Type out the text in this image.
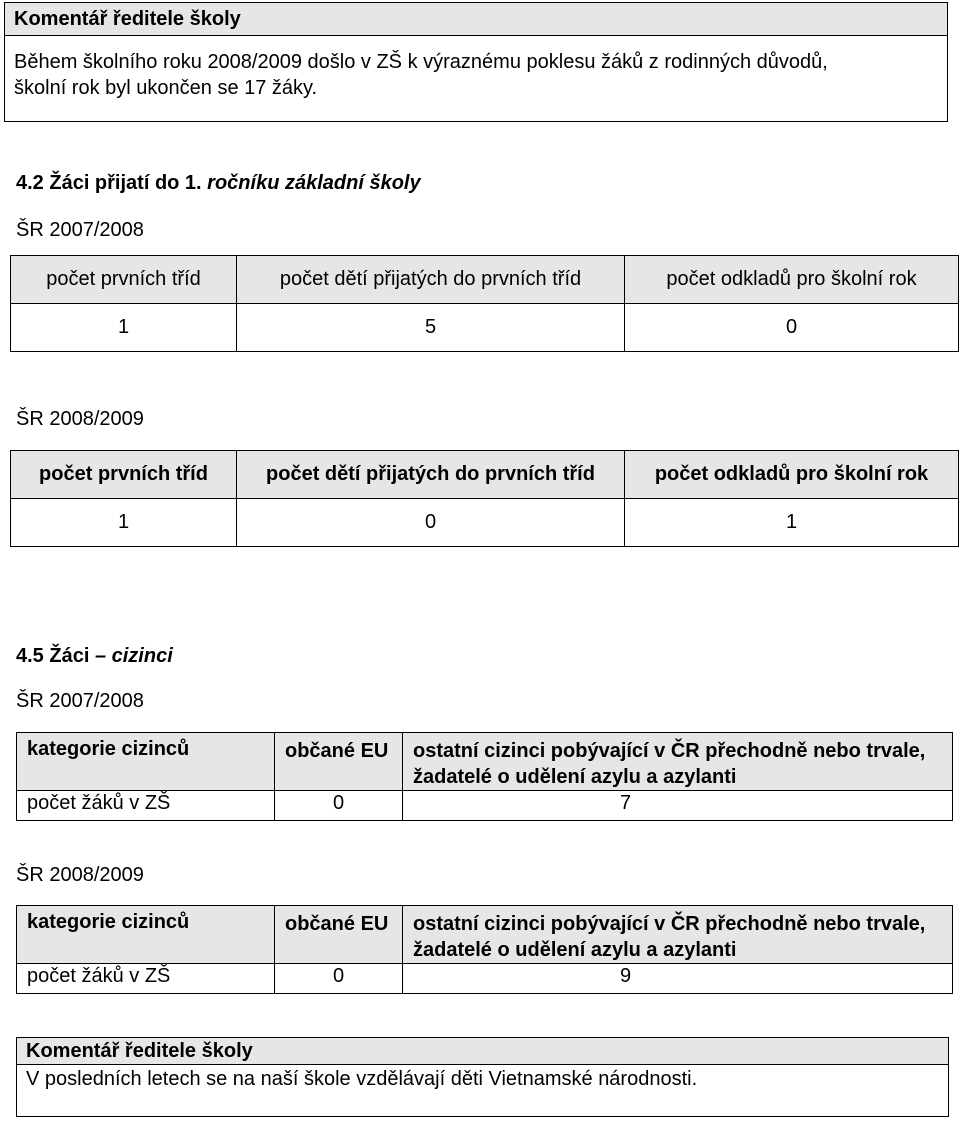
Komentář ředitele školy
Během školního roku 2008/2009 došlo v ZŠ k výraznému poklesu žáků z rodinných důvodů,
školní rok byl ukončen se 17 žáky.
4.2 Žáci přijatí do 1. ročníku základní školy
ŠR 2007/2008
počet prvních tříd	počet dětí přijatých do prvních tříd	počet odkladů pro školní rok
1	5	0
ŠR 2008/2009
počet prvních tříd	počet dětí přijatých do prvních tříd	počet odkladů pro školní rok
1	0	1
4.5 Žáci – cizinci
ŠR 2007/2008
kategorie cizinců	občané EU	ostatní cizinci pobývající v ČR přechodně nebo trvale, žadatelé o udělení azylu a azylanti
počet žáků v ZŠ	0	7
ŠR 2008/2009
kategorie cizinců	občané EU	ostatní cizinci pobývající v ČR přechodně nebo trvale, žadatelé o udělení azylu a azylanti
počet žáků v ZŠ	0	9
Komentář ředitele školy
V posledních letech se na naší škole vzdělávají děti Vietnamské národnosti.
